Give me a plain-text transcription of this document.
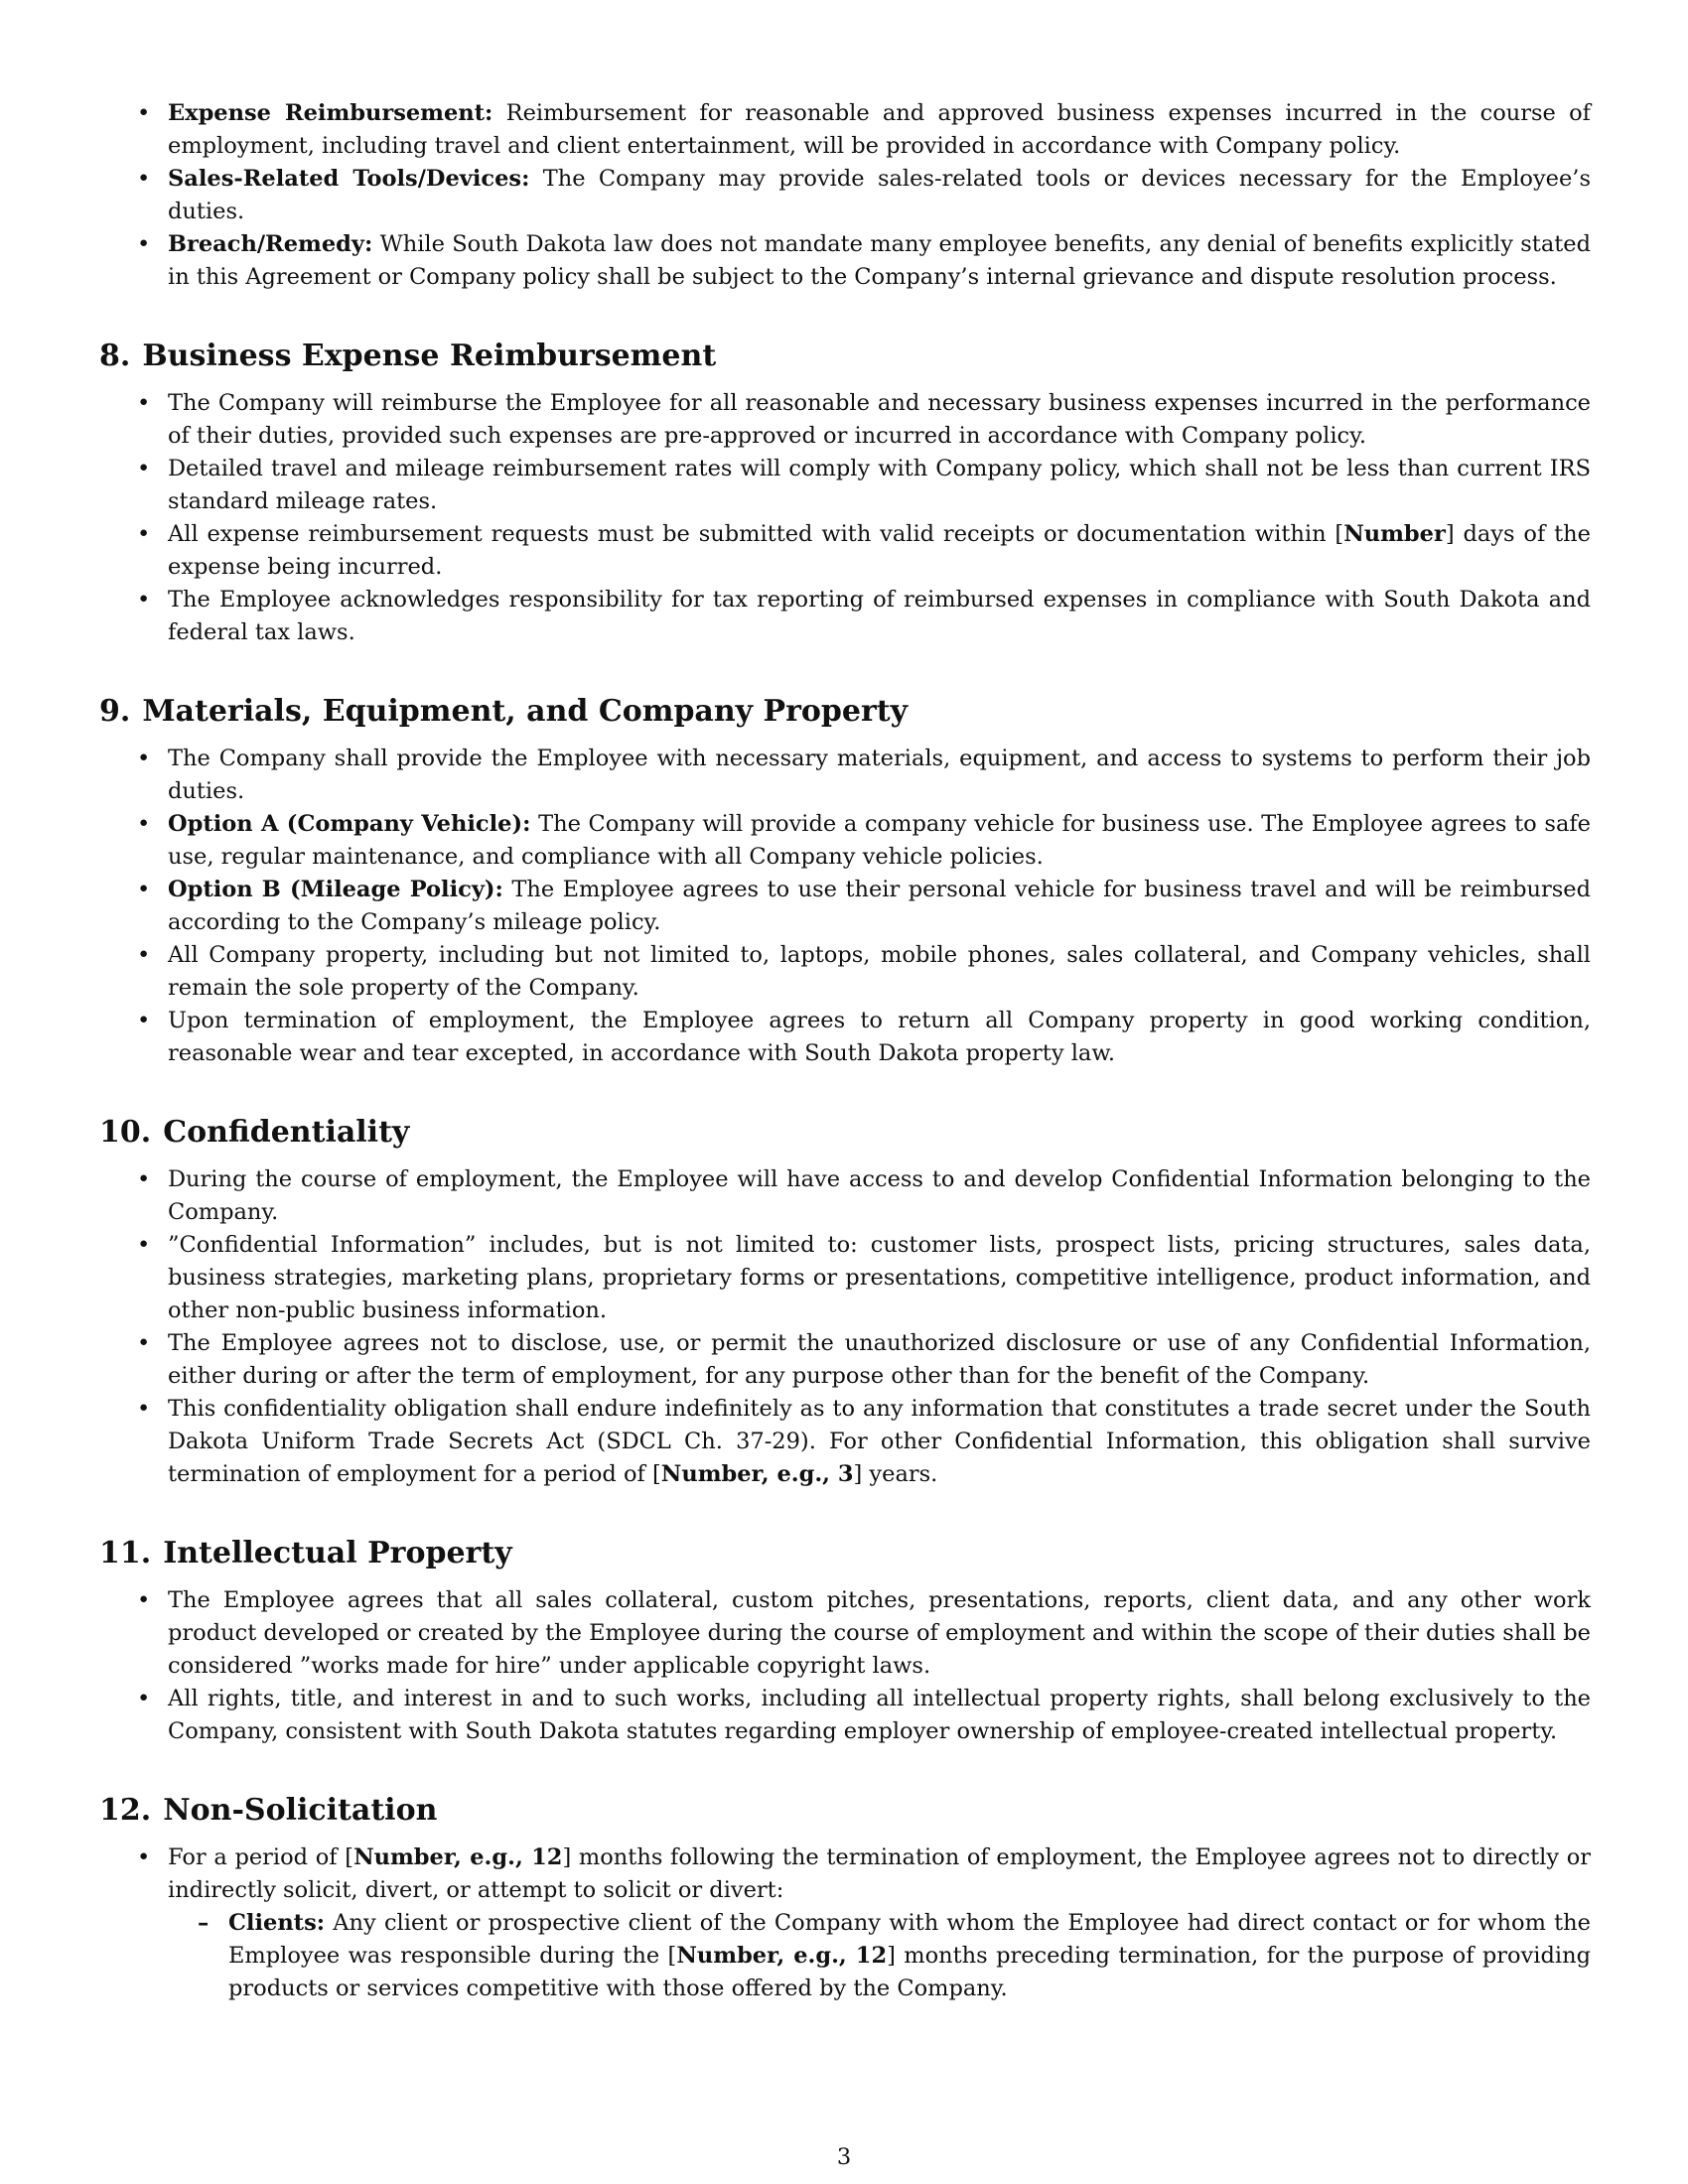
• Expense Reimbursement: Reimbursement for reasonable and approved business expenses incurred in the course of employment, including travel and client entertainment, will be provided in accordance with Company policy.
• Sales-Related Tools/Devices: The Company may provide sales-related tools or devices necessary for the Employee’s duties.
• Breach/Remedy: While South Dakota law does not mandate many employee benefits, any denial of benefits explicitly stated in this Agreement or Company policy shall be subject to the Company’s internal grievance and dispute resolution process.
8. Business Expense Reimbursement
• The Company will reimburse the Employee for all reasonable and necessary business expenses incurred in the performance of their duties, provided such expenses are pre-approved or incurred in accordance with Company policy.
• Detailed travel and mileage reimbursement rates will comply with Company policy, which shall not be less than current IRS standard mileage rates.
• All expense reimbursement requests must be submitted with valid receipts or documentation within [Number] days of the expense being incurred.
• The Employee acknowledges responsibility for tax reporting of reimbursed expenses in compliance with South Dakota and federal tax laws.
9. Materials, Equipment, and Company Property
• The Company shall provide the Employee with necessary materials, equipment, and access to systems to perform their job duties.
• Option A (Company Vehicle): The Company will provide a company vehicle for business use. The Employee agrees to safe use, regular maintenance, and compliance with all Company vehicle policies.
• Option B (Mileage Policy): The Employee agrees to use their personal vehicle for business travel and will be reimbursed according to the Company’s mileage policy.
• All Company property, including but not limited to, laptops, mobile phones, sales collateral, and Company vehicles, shall remain the sole property of the Company.
• Upon termination of employment, the Employee agrees to return all Company property in good working condition, reasonable wear and tear excepted, in accordance with South Dakota property law.
10. Confidentiality
• During the course of employment, the Employee will have access to and develop Confidential Information belonging to the Company.
• ”Confidential Information” includes, but is not limited to: customer lists, prospect lists, pricing structures, sales data, business strategies, marketing plans, proprietary forms or presentations, competitive intelligence, product information, and other non-public business information.
• The Employee agrees not to disclose, use, or permit the unauthorized disclosure or use of any Confidential Information, either during or after the term of employment, for any purpose other than for the benefit of the Company.
• This confidentiality obligation shall endure indefinitely as to any information that constitutes a trade secret under the South Dakota Uniform Trade Secrets Act (SDCL Ch. 37-29). For other Confidential Information, this obligation shall survive termination of employment for a period of [Number, e.g., 3] years.
11. Intellectual Property
• The Employee agrees that all sales collateral, custom pitches, presentations, reports, client data, and any other work product developed or created by the Employee during the course of employment and within the scope of their duties shall be considered ”works made for hire” under applicable copyright laws.
• All rights, title, and interest in and to such works, including all intellectual property rights, shall belong exclusively to the Company, consistent with South Dakota statutes regarding employer ownership of employee-created intellectual property.
12. Non-Solicitation
• For a period of [Number, e.g., 12] months following the termination of employment, the Employee agrees not to directly or indirectly solicit, divert, or attempt to solicit or divert:
– Clients: Any client or prospective client of the Company with whom the Employee had direct contact or for whom the Employee was responsible during the [Number, e.g., 12] months preceding termination, for the purpose of providing products or services competitive with those offered by the Company.
3
